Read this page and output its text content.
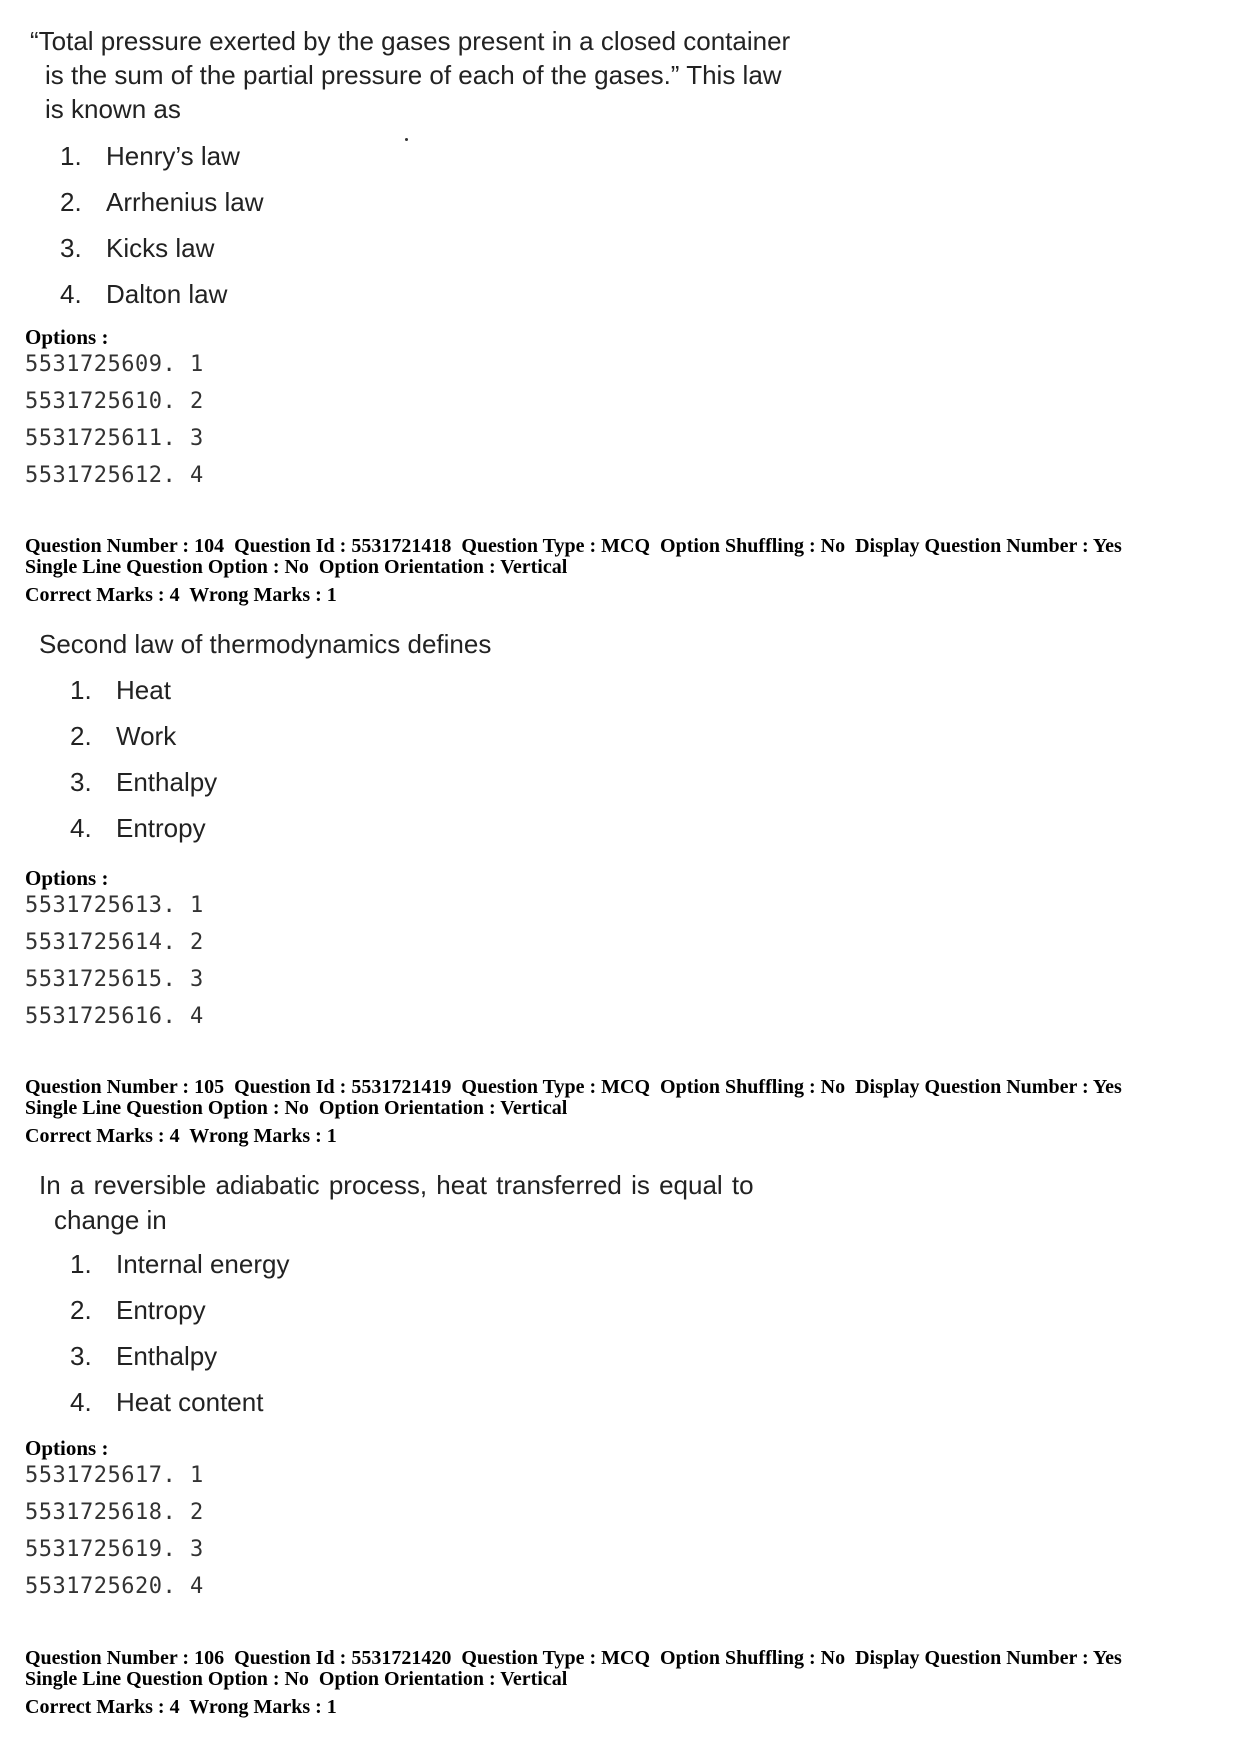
“Total pressure exerted by the gases present in a closed container
is the sum of the partial pressure of each of the gases.” This law
is known as
1. Henry’s law
2. Arrhenius law
3. Kicks law
4. Dalton law
Options :
5531725609. 1
5531725610. 2
5531725611. 3
5531725612. 4
Question Number : 104  Question Id : 5531721418  Question Type : MCQ  Option Shuffling : No  Display Question Number : Yes
Single Line Question Option : No  Option Orientation : Vertical
Correct Marks : 4  Wrong Marks : 1
Second law of thermodynamics defines
1. Heat
2. Work
3. Enthalpy
4. Entropy
Options :
5531725613. 1
5531725614. 2
5531725615. 3
5531725616. 4
Question Number : 105  Question Id : 5531721419  Question Type : MCQ  Option Shuffling : No  Display Question Number : Yes
Single Line Question Option : No  Option Orientation : Vertical
Correct Marks : 4  Wrong Marks : 1
In a reversible adiabatic process, heat transferred is equal to
change in
1. Internal energy
2. Entropy
3. Enthalpy
4. Heat content
Options :
5531725617. 1
5531725618. 2
5531725619. 3
5531725620. 4
Question Number : 106  Question Id : 5531721420  Question Type : MCQ  Option Shuffling : No  Display Question Number : Yes
Single Line Question Option : No  Option Orientation : Vertical
Correct Marks : 4  Wrong Marks : 1
